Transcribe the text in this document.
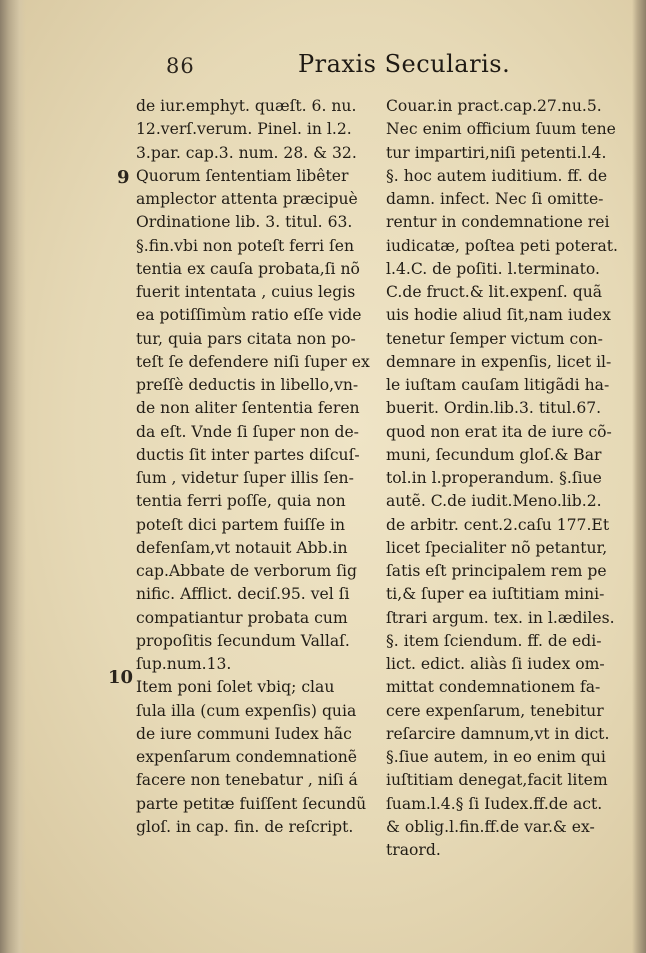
86	Praxis Secularis.
9
10
de iur.emphyt. quæſt. 6. nu.
12.verſ.verum. Pinel. in l.2.
3.par. cap.3. num. 28. & 32.
Quorum ſententiam libêter
amplector attenta præcipuè
Ordinatione lib. 3. titul. 63.
§.fin.vbi non poteſt ferri ſen
tentia ex cauſa probata,ſi nõ
fuerit intentata , cuius legis
ea potiſſimùm ratio eſſe vide
tur, quia pars citata non po-
teſt ſe defendere niſi ſuper ex
preſſè deductis in libello,vn-
de non aliter ſententia feren
da eſt. Vnde ſi ſuper non de-
ductis ſit inter partes diſcuſ-
ſum , videtur ſuper illis ſen-
tentia ferri poſſe, quia non
poteſt dici partem fuiſſe in
defenſam,vt notauit Abb.in
cap.Abbate de verborum ſig
nific. Afflict. deciſ.95. vel ſi
compatiantur probata cum
propoſitis ſecundum Vallaſ.
ſup.num.13.
Item poni ſolet vbiq; clau
ſula illa (cum expenſis) quia
de iure communi Iudex hãc
expenſarum condemnationẽ
facere non tenebatur , niſi á
parte petitæ fuiſſent ſecundũ
gloſ. in cap. fin. de reſcript.
Couar.in pract.cap.27.nu.5.
Nec enim officium ſuum tene
tur impartiri,niſi petenti.l.4.
§. hoc autem iuditium. ff. de
damn. infect. Nec ſi omitte-
rentur in condemnatione rei
iudicatæ, poſtea peti poterat.
l.4.C. de poſiti. l.terminato.
C.de fruct.& lit.expenſ. quã
uis hodie aliud ſit,nam iudex
tenetur ſemper victum con-
demnare in expenſis, licet il-
le iuſtam cauſam litigãdi ha-
buerit. Ordin.lib.3. titul.67.
quod non erat ita de iure cõ-
muni, ſecundum gloſ.& Bar
tol.in l.properandum. §.ſiue
autẽ. C.de iudit.Meno.lib.2.
de arbitr. cent.2.caſu 177.Et
licet ſpecialiter nõ petantur,
ſatis eſt principalem rem pe
ti,& ſuper ea iuſtitiam mini-
ſtrari argum. tex. in l.ædiles.
§. item ſciendum. ff. de edi-
lict. edict. aliàs ſi iudex om-
mittat condemnationem fa-
cere expenſarum, tenebitur
reſarcire damnum,vt in dict.
§.ſiue autem, in eo enim qui
iuſtitiam denegat,facit litem
ſuam.l.4.§ ſi Iudex.ff.de act.
& oblig.l.fin.ff.de var.& ex-
traord.
